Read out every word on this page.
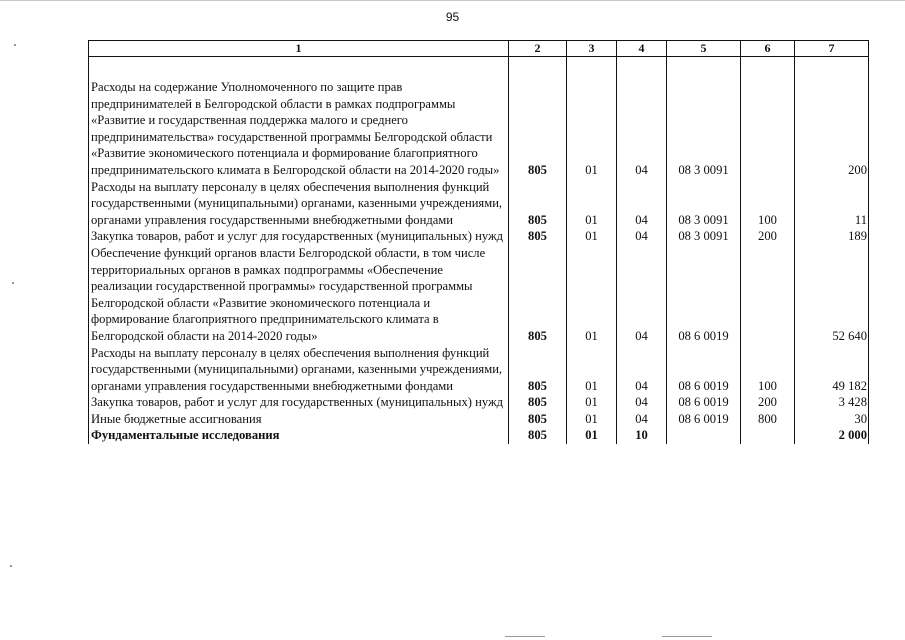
95
1	2	3	4	5	6	7

Расходы на содержание Уполномоченного по защите прав предпринимателей в Белгородской области в рамках подпрограммы «Развитие и государственная поддержка малого и среднего предпринимательства» государственной программы Белгородской области «Развитие экономического потенциала и формирование благоприятного предпринимательского климата в Белгородской области на 2014-2020 годы»	805	01	04	08 3 0091		200
Расходы на выплату персоналу в целях обеспечения выполнения функций государственными (муниципальными) органами, казенными учреждениями, органами управления государственными внебюджетными фондами	805	01	04	08 3 0091	100	11
Закупка товаров, работ и услуг для государственных (муниципальных) нужд	805	01	04	08 3 0091	200	189
Обеспечение функций органов власти Белгородской области, в том числе территориальных органов в рамках подпрограммы «Обеспечение реализации государственной программы» государственной программы Белгородской области «Развитие экономического потенциала и формирование благоприятного предпринимательского климата в Белгородской области на 2014-2020 годы»	805	01	04	08 6 0019		52 640
Расходы на выплату персоналу в целях обеспечения выполнения функций государственными (муниципальными) органами, казенными учреждениями, органами управления государственными внебюджетными фондами	805	01	04	08 6 0019	100	49 182
Закупка товаров, работ и услуг для государственных (муниципальных) нужд	805	01	04	08 6 0019	200	3 428
Иные бюджетные ассигнования	805	01	04	08 6 0019	800	30
Фундаментальные исследования	805	01	10			2 000
